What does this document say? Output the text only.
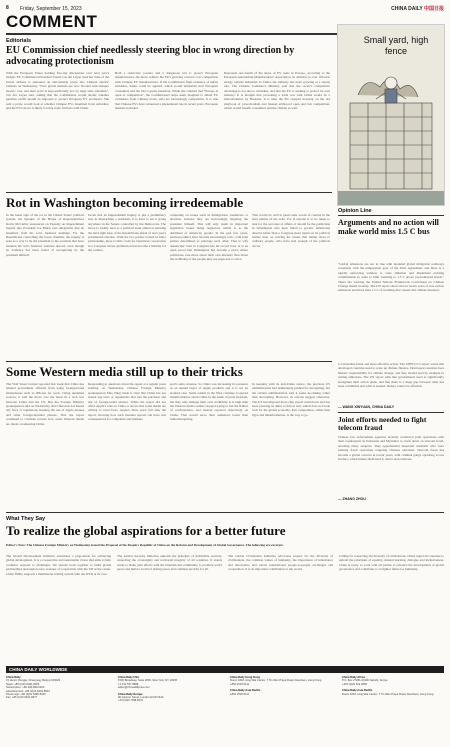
8 Friday, September 15, 2023	CHINA DAILY 中国日报
COMMENT
Editorials
EU Commission chief needlessly steering bloc in wrong direction by advocating protectionism

With the European Union holding five-day discussions over next year's budget, EU Commission President Ursula von der Leyen used her State of the Union address to announce an anti-subsidy probe into Chinese electric vehicles on Wednesday. "Now global markets are now flooded with cheaper electric cars, and their price is kept artificially low by huge state subsidies", von der Leyen said, adding that the Commission would decide whether punitive tariffs should be imposed to protect European EV producers. She said a probe would look at whether Chinese EVs benefited from subsidies, and the EU's move is likely to bring trade frictions with China.

Both a restrictive posture and a dangerous bid to protect European manufacturers, the move reflects the EU's growing concern over competition with Chinese EV manufacturers. If the Commission finds evidence of unfair subsidies, duties could be applied, which would ultimately hurt European consumers and the bloc's green transition. While she claimed that "Europe is open to competition", the Commission's steps seem designed to shield EU carmakers from Chinese rivals, who are increasingly competitive. It is true that Chinese EVs have witnessed a phenomenal rise in recent years. European markets included.

Represent one-fourth of the share of EV sales in Europe, according to the European Automobile Manufacturers' Association. In addition to over 100 new energy vehicle industries in China, the industry has been growing at a steady rate. The Chinese Commerce Ministry said that the sector's competitive advantage is not due to subsidies, and that the EU is seeking to protect its own industry. It is thought that provoking a trade war with China would be a miscalculation by Brussels. It is time the EU stopped drawing on the old playbook of protectionism and instead embraced open and fair competition, which would benefit consumers and the climate as well.

Small yard, high fence
Rot in Washington becoming irredeemable

In the latest sign of the rot in the United States' political system, the Speaker of the House of Representatives Kevin McCarthy announced on Tuesday an impeachment inquiry into President Joe Biden over allegations that he benefited from his son's business dealings. For the Republicans controlling the lower chamber, the inquiry is seen as a way to tie the president to the scandals that have haunted his son's business ventures abroad, even though no evidence has been found of wrongdoing by the president himself.

Given that an impeachment inquiry is just a preliminary step in impeaching a president, it is hard to see it going anywhere in the Senate controlled by the Democrats. The move is widely seen as a political stunt aimed at pleasing the hard-right base of the Republicans ahead of next year's presidential election. With the two parties locked in bitter partisanship, there is little room for bipartisan cooperation in a Congress whose dysfunction has become a liability for the country.

competing on issues such as immigration, healthcare or abortion. Instead, they are increasingly targeting the president himself. This will only result in important legislative issues being neglected, which is to the detriment of American people. In the past few years, partisan politics have become increasingly toxic, with both parties determined to sabotage each other. That is why Americans' trust in Congress has hit record lows. It is an open secret that Washington has become a place where politicians care more about their own interests than about the wellbeing of the people they are supposed to serve.

That would do well to heed some words of caution in the next edition of the state. For if anyone is to be taken to task for the sad state of affairs, it should be the politicians in Washington who have failed to govern. Americans deserve better than a Congress more intent on its political battles than on solving the issues that matter most to ordinary people, who have had enough of the political circus.

Some Western media still up to their tricks

The Wall Street Journal reported last week that China has banned government officials from using foreign-brand smartphones such as iPhones for work. Citing unnamed sources, it said the move was the latest in a tech war between China and the US. But the Foreign Ministry spokesperson said on Wednesday that China has not issued any laws or regulations banning the use of Apple phones and other foreign-branded phones. That the report continued to circulate reveals how some Western media are intent on smearing China.

Responding to questions about the report at a regular press briefing on Wednesday, Chinese Foreign Ministry spokesperson Mao Ning made it clear that China has not issued any laws or regulations that ban the purchase and use of foreign-brand phones. While the report did not affect Apple's sales in China, it shows that some media are willing to twist facts. Apple's share price fell after the report, showing how such baseless reports can have real consequences for companies and markets.

post's sales revenue. So China was increasing its presence as an annual buyer of Apple products and it is not an isolated case. Some outlets in the West continue to spread misinformation about China in the name of press freedom, but they only damage their own credibility. It is high time the Western media outlets stopped trying to fan the flames of confrontation, and instead reported objectively on China. That would serve their audiences better than rumormongering.

In keeping with its anti-China stance, the previous US administration had deliberately pushed for decoupling, but the current administration said it seeks de-risking rather than decoupling. However, its actions suggest otherwise. The US has imposed more chip export restrictions and has been pressing its allies to follow suit, which does not bode well for the global economy. Fair competition, rather than hype and misinformation, is the way to go.

Opinion Line
Arguments and no action will make world miss 1.5 C bus

"Global emissions are not in line with modeled global mitigation pathways consistent with the temperature goal of the Paris Agreement, and there is a rapidly narrowing window to raise ambition and implement existing commitments in order to limit warming to 1.5 C above pre-industrial levels." That's the warning the United Nations Framework Convention on Climate Change issued recently. The UN report shows that in recent years, it was carbon emissions and more than 1.5 C of warming that caused dire climate disasters.

to rationalize faster and more effective action. The UNFCCC's report warns that developed countries need to scale up climate finance. Developed countries bear historic responsibility for climate change, and they should lead by example in cutting emissions. The UN report adds that governments need to significantly strengthen their action plans, and that there is a huge gap between what has been committed and what is needed. Delays cannot be afforded.

— WANG XINYUAN, CHINA DAILY
Joint efforts needed to fight telecom fraud

Chinese law enforcement agencies recently conducted joint operations with their counterparts in Indonesia and Myanmar to crack down on telecom fraud, arresting many suspects. They apprehended suspected criminals who were running fraud operations targeting Chinese nationals. Telecom fraud has become a global concern in recent years, with criminal gangs operating across borders, which makes them hard to detect and eradicate.

— ZHANG ZHOU

What They Say
To realize the global aspirations for a better future

Editor's Note: The Chinese Foreign Ministry on Wednesday issued the Proposal of the People's Republic of China on the Reform and Development of Global Governance. The following are excerpts.

The Global Development Initiative articulates a proposition for advancing global development. It is a cooperative and sustainable vision that aims to help countries respond to challenges. We should work together to build global partnerships and explore new avenues of cooperation with the UN at the center. China firmly supports a multilateral trading system with the WTO at its core.

The Global Security Initiative upholds the principle of indivisible security, respecting the sovereignty and territorial integrity of all countries. It stands ready to make joint efforts with the international community to promote world peace and build a world of lasting peace and common security for all.

The Global Civilization Initiative advocates respect for the diversity of civilizations, the common values of humanity, the importance of inheritance and innovation, and robust international people-to-people exchanges and cooperation. It is an important contribution to the world.

Calling for respecting the diversity of civilizations, China urged all countries to uphold the principles of equality, mutual learning, dialogue and inclusiveness. China is ready to work with all parties to advance the development of global governance and contribute to a brighter future for humanity.

CHINA DAILY WORLDWIDE
China Daily
15 Huixin Dongjie, Chaoyang, Beijing 100029
News: +86 (0)10 6491-8366
Subscription: +86 400-699-0203
Advertisement: +86 (0)10 6491-8631
Phone app: +86 (0)10 6499-5160
Fax: +86 (0)10 6491-8377
China Daily USA
1500 Broadway, Suite 2800, New York, NY 10036
+1 212 537 8888
editor@chinadailyusa.com
China Daily Europe
90 Cannon Street, London EC4N 6HA
+44 (0)20 7398 8270
China Daily Hong Kong
Room 1818, Hing Wai Centre, 7 Tin Wan Praya Road, Aberdeen, Hong Kong
+852 2518 5111
China Daily Asia Pacific
+852 2518 5111
China Daily Africa
P.O. Box 27281-00100 Nairobi, Kenya
+254 (0)20 522 2866
China Daily Asia Pacific
Room 1818, Hing Wai Centre, 7 Tin Wan Praya Road, Aberdeen, Hong Kong
